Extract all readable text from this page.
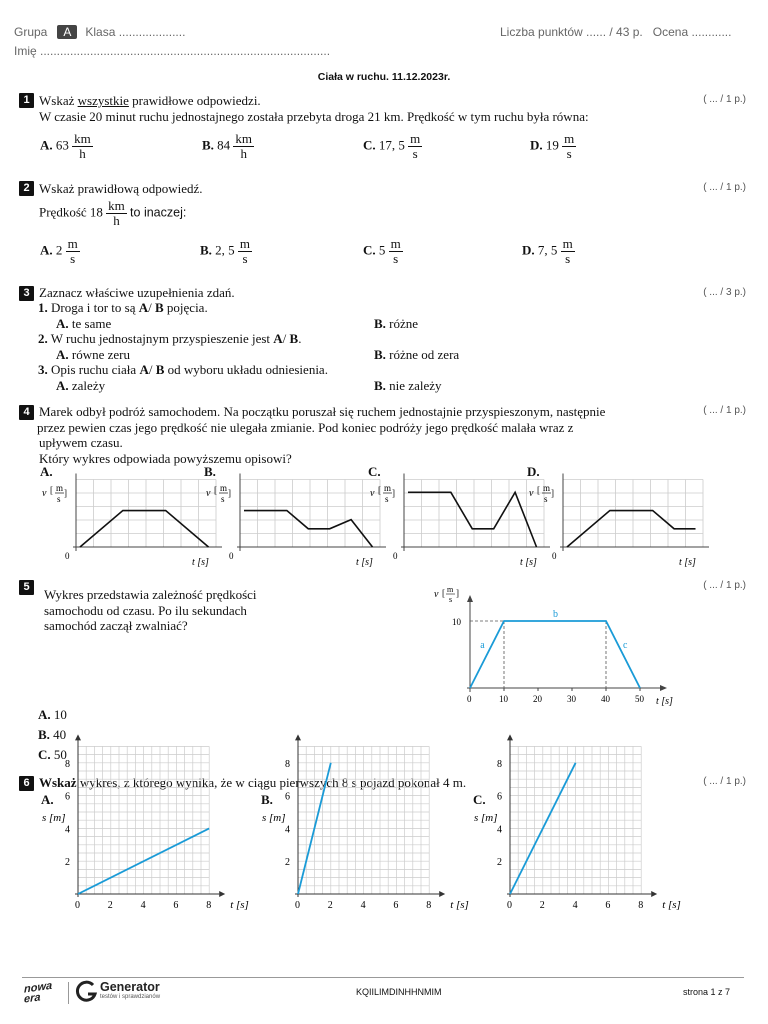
Grupa A Klasa ....................
Imię .......................................................................................
Liczba punktów ...... / 43 p. Ocena ............
Ciała w ruchu. 11.12.2023r.
1	( ... / 1 p.)
Wskaż wszystkie prawidłowe odpowiedzi.
W czasie 20 minut ruchu jednostajnego została przebyta droga 21 km. Prędkość w tym ruchu była równa:
A. $63 \frac{km}{h}$	B. $84 \frac{km}{h}$	C. 17, $5 \frac{m}{s}$	D. $19 \frac{m}{s}$
2	( ... / 1 p.)
Wskaż prawidłową odpowiedź.
Prędkość $18 \frac{km}{h}$ to inaczej:
A. $2 \frac{m}{s}$	B. 2, $5 \frac{m}{s}$	C. $5 \frac{m}{s}$	D. 7, $5 \frac{m}{s}$
3	( ... / 3 p.)
Zaznacz właściwe uzupełnienia zdań.
1. Droga i tor to są A/ B pojęcia.
A. te same	B. różne
2. W ruchu jednostajnym przyspieszenie jest A/ B.
A. równe zeru	B. różne od zera
3. Opis ruchu ciała A/ B od wyboru układu odniesienia.
A. zależy	B. nie zależy
4	( ... / 1 p.)
Marek odbył podróż samochodem. Na początku poruszał się ruchem jednostajnie przyspieszonym, następnie
przez pewien czas jego prędkość nie ulegała zmianie. Pod koniec podróży jego prędkość malała wraz z
upływem czasu.
Który wykres odpowiada powyższemu opisowi?
A.
v [ m
s
]
0
t [s]
B.
v [ m
s
]
0
t [s]
C.
v [ m
s
]
0
t [s]
D.
v [ m
s
]
0
t [s]
5	( ... / 1 p.)
Wykres przedstawia zależność prędkości
samochodu od czasu. Po ilu sekundach
samochód zaczął zwalniać?
v [ m
s
]
10
0	10	20	30	40	50 t [s]
a
b
c
A. 10
B. 40
C. 50
6	( ... / 1 p.)
Wskaż wykres, z którego wynika, że w ciągu pierwszych 8 s pojazd pokonał 4 m.
A.
s [m]
2
4
6
8
0	2	4	6	8 t [s]
B.
s [m]
2
4
6
8
0	2	4	6	8 t [s]
C.
s [m]
2
4
6
8
0	2	4	6	8 t [s]
nowa era
Generator
testów i sprawdzianów	KQIILIMDINHHNMIM	strona 1 z 7
